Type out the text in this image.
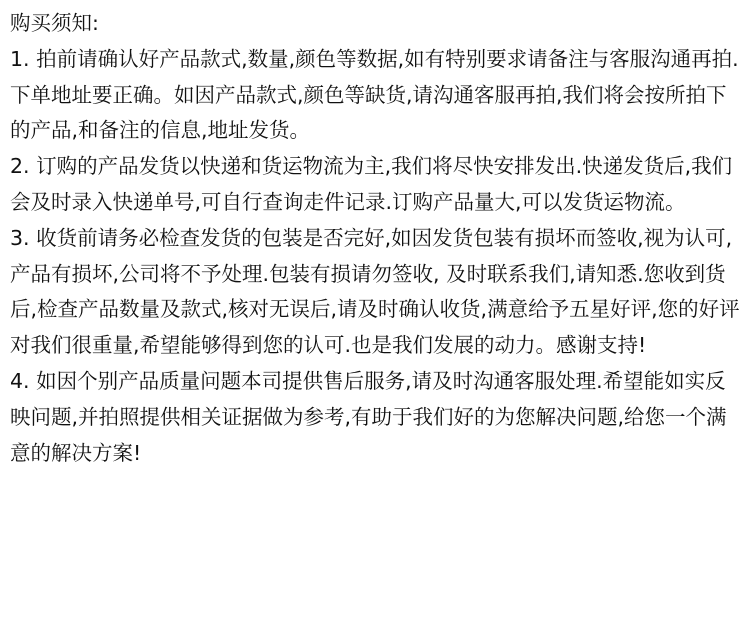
购买须知:

1. 拍前请确认好产品款式,数量,颜色等数据,如有特别要求请备注与客服沟通再拍.下单地址要正确。如因产品款式,颜色等缺货,请沟通客服再拍,我们将会按所拍下的产品,和备注的信息,地址发货。

2. 订购的产品发货以快递和货运物流为主,我们将尽快安排发出.快递发货后,我们会及时录入快递单号,可自行查询走件记录.订购产品量大,可以发货运物流。

3. 收货前请务必检查发货的包装是否完好,如因发货包装有损坏而签收,视为认可,产品有损坏,公司将不予处理.包装有损请勿签收, 及时联系我们,请知悉.您收到货后,检查产品数量及款式,核对无误后,请及时确认收货,满意给予五星好评,您的好评对我们很重量,希望能够得到您的认可.也是我们发展的动力。感谢支持!

4. 如因个别产品质量问题本司提供售后服务,请及时沟通客服处理.希望能如实反映问题,并拍照提供相关证据做为参考,有助于我们好的为您解决问题,给您一个满意的解决方案!
